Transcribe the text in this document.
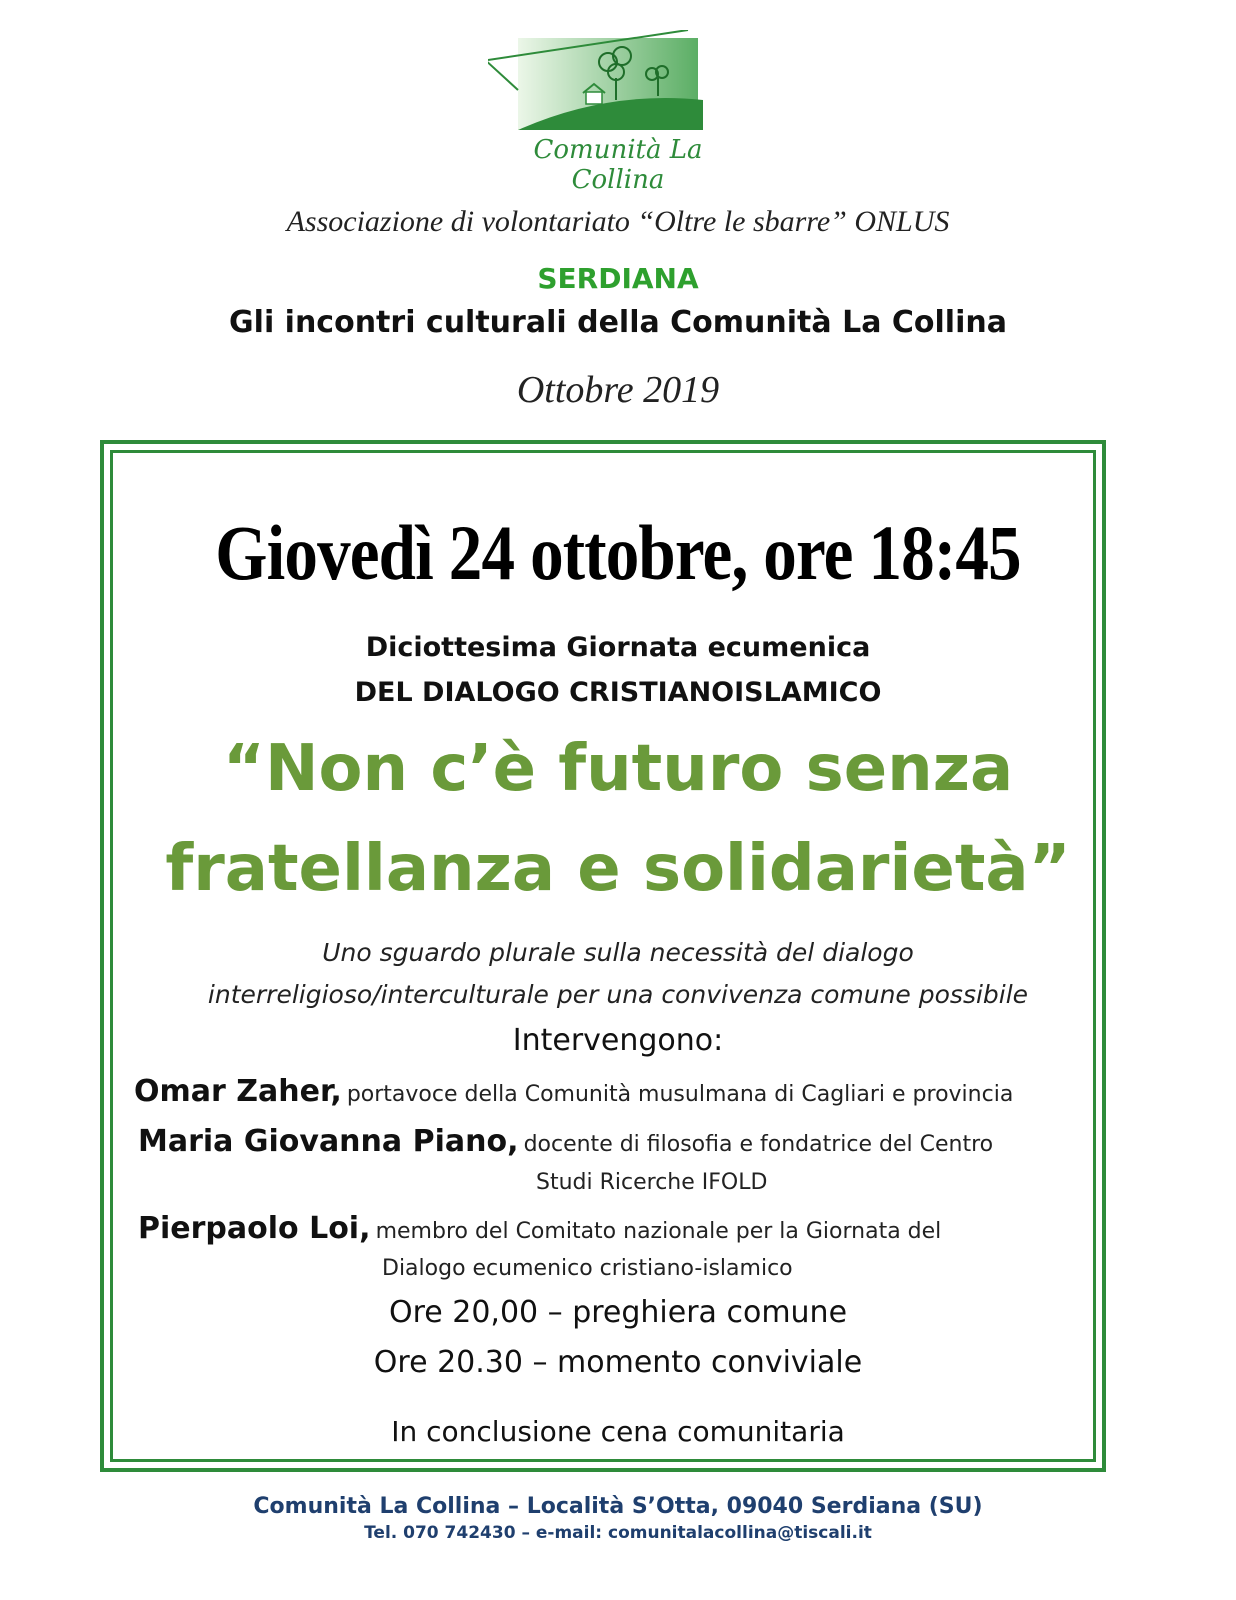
Comunità La Collina
Associazione di volontariato “Oltre le sbarre” ONLUS
SERDIANA
Gli incontri culturali della Comunità La Collina
Ottobre 2019
Giovedì 24 ottobre, ore 18:45
Diciottesima Giornata ecumenica
DEL DIALOGO CRISTIANOISLAMICO
“Non c’è futuro senza
fratellanza e solidarietà”
Uno sguardo plurale sulla necessità del dialogo
interreligioso/interculturale per una convivenza comune possibile
Intervengono:
Omar Zaher, portavoce della Comunità musulmana di Cagliari e provincia
Maria Giovanna Piano, docente di filosofia e fondatrice del Centro
Studi Ricerche IFOLD
Pierpaolo Loi, membro del Comitato nazionale per la Giornata del
Dialogo ecumenico cristiano-islamico
Ore 20,00 – preghiera comune
Ore 20.30 – momento conviviale
In conclusione cena comunitaria
Comunità La Collina – Località S’Otta, 09040 Serdiana (SU)
Tel. 070 742430 – e-mail: comunitalacollina@tiscali.it
